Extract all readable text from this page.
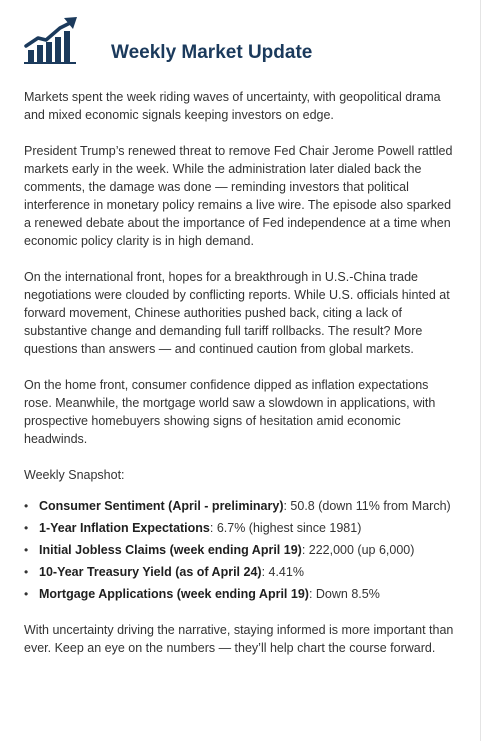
Weekly Market Update

Markets spent the week riding waves of uncertainty, with geopolitical drama and mixed economic signals keeping investors on edge.

President Trump’s renewed threat to remove Fed Chair Jerome Powell rattled markets early in the week. While the administration later dialed back the comments, the damage was done — reminding investors that political interference in monetary policy remains a live wire. The episode also sparked a renewed debate about the importance of Fed independence at a time when economic policy clarity is in high demand.

On the international front, hopes for a breakthrough in U.S.-China trade negotiations were clouded by conflicting reports. While U.S. officials hinted at forward movement, Chinese authorities pushed back, citing a lack of substantive change and demanding full tariff rollbacks. The result? More questions than answers — and continued caution from global markets.

On the home front, consumer confidence dipped as inflation expectations rose. Meanwhile, the mortgage world saw a slowdown in applications, with prospective homebuyers showing signs of hesitation amid economic headwinds.

Weekly Snapshot:

• Consumer Sentiment (April - preliminary): 50.8 (down 11% from March)
• 1-Year Inflation Expectations: 6.7% (highest since 1981)
• Initial Jobless Claims (week ending April 19): 222,000 (up 6,000)
• 10-Year Treasury Yield (as of April 24): 4.41%
• Mortgage Applications (week ending April 19): Down 8.5%

With uncertainty driving the narrative, staying informed is more important than ever. Keep an eye on the numbers — they’ll help chart the course forward.
